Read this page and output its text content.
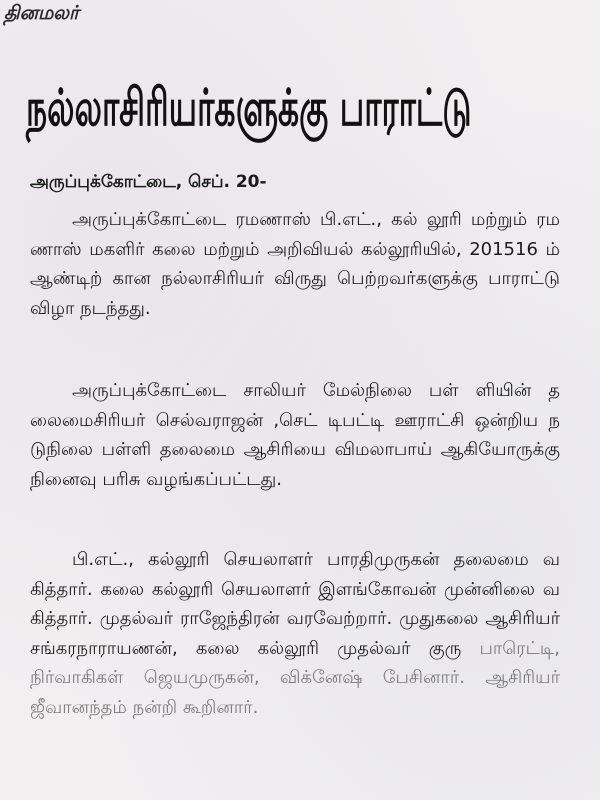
தினமலர்
நல்லாசிரியர்களுக்கு பாராட்டு
அருப்புக்கோட்டை, செப். 20-
அருப்புக்கோட்டை ரமணாஸ் பி.எட்., கல் லூரி மற்றும் ரமணாஸ் மகளிர் கலை மற்றும் அறிவியல் கல்லூரியில், 201516 ம் ஆண்டிற் கான நல்லாசிரியர் விருது பெற்றவர்களுக்கு பாராட்டு விழா நடந்தது.
அருப்புக்கோட்டை சாலியர் மேல்நிலை பள் ளியின் தலைமைசிரியர் செல்வராஜன் ,செட் டிபட்டி ஊராட்சி ஒன்றிய நடுநிலை பள்ளி தலைமை ஆசிரியை விமலாபாய் ஆகியோருக்கு நினைவு பரிசு வழங்கப்பட்டது.
பி.எட்., கல்லூரி செயலாளர் பாரதிமுருகன் தலைமை வகித்தார். கலை கல்லூரி செயலாளர் இளங்கோவன் முன்னிலை வகித்தார். முதல்வர் ராஜேந்திரன் வரவேற்றார். முதுகலை ஆசிரியர் சங்கரநாராயணன், கலை கல்லூரி முதல்வர் குரு பாரெட்டி, நிர்வாகிகள் ஜெயமுருகன், விக்னேஷ் பேசினார். ஆசிரியர் ஜீவானந்தம் நன்றி கூறினார்.
